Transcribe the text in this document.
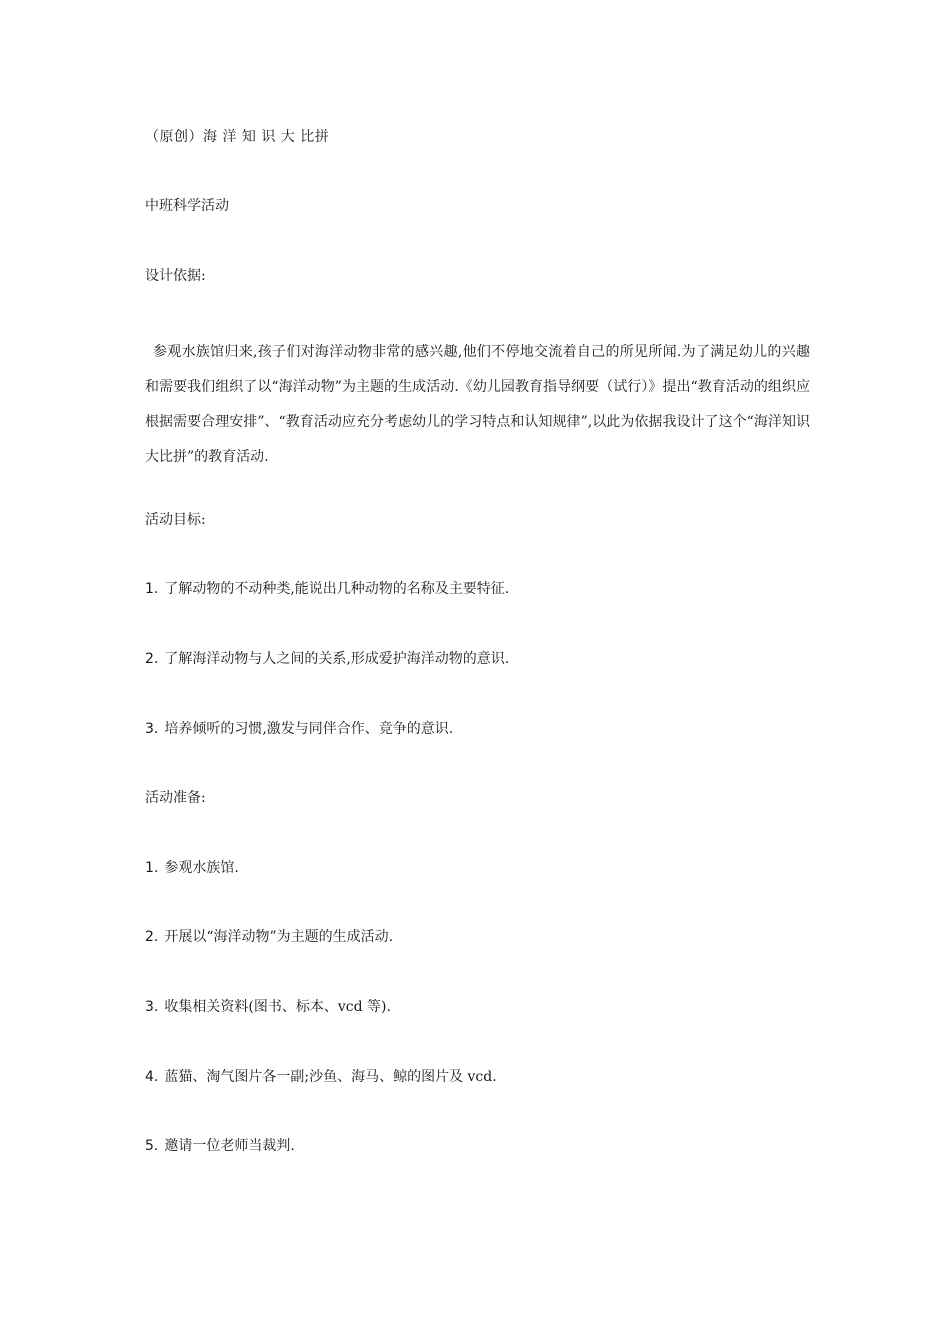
（原创）海 洋 知 识 大 比拼

中班科学活动

设计依据:

参观水族馆归来,孩子们对海洋动物非常的感兴趣,他们不停地交流着自己的所见所闻.为了满足幼儿的兴趣和需要我们组织了以“海洋动物”为主题的生成活动.《幼儿园教育指导纲要（试行）》提出“教育活动的组织应根据需要合理安排”、“教育活动应充分考虑幼儿的学习特点和认知规律”,以此为依据我设计了这个“海洋知识大比拼”的教育活动.

活动目标:

1. 了解动物的不动种类,能说出几种动物的名称及主要特征.

2. 了解海洋动物与人之间的关系,形成爱护海洋动物的意识.

3. 培养倾听的习惯,激发与同伴合作、竞争的意识.

活动准备:

1. 参观水族馆.

2. 开展以“海洋动物”为主题的生成活动.

3. 收集相关资料(图书、标本、vcd 等).

4. 蓝猫、淘气图片各一副;沙鱼、海马、鲸的图片及 vcd.

5. 邀请一位老师当裁判.
